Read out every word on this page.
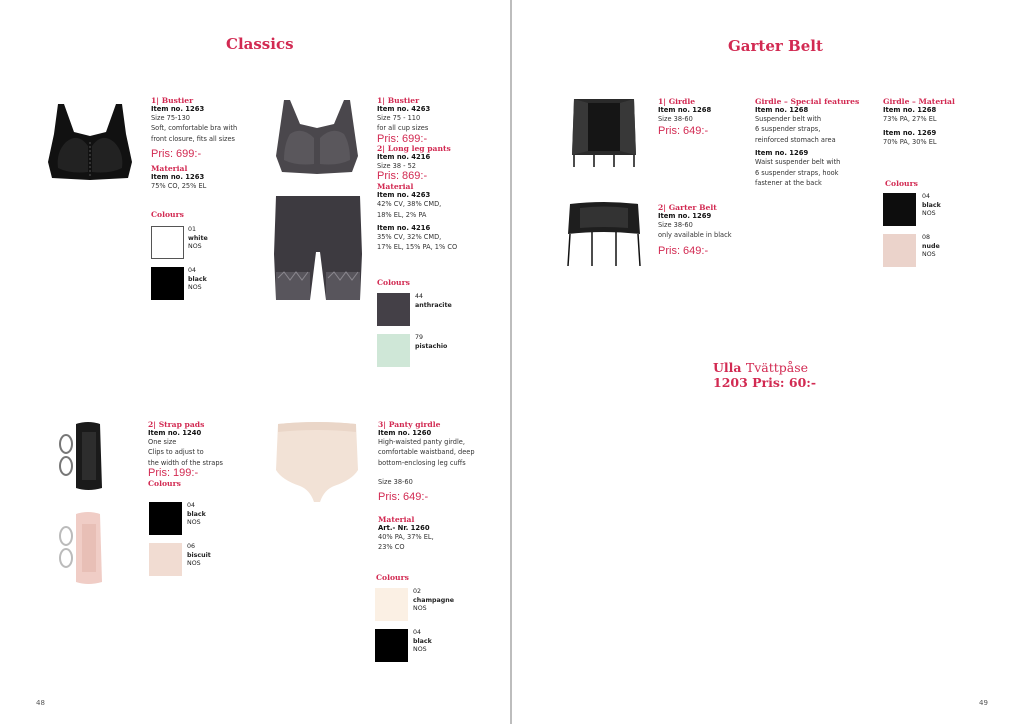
Classics
1| Bustier
Item no. 1263
Size 75-130
Soft, comfortable bra with
front closure, fits all sizes
Pris: 699:-
Material
Item no. 1263
75% CO, 25% EL
Colours
01
white
NOS
04
black
NOS
1| Bustier
Item no. 4263
Size 75 - 110
for all cup sizes
Pris: 699:-
2| Long leg pants
Item no. 4216
Size 38 - 52
Pris: 869:-
Material
Item no. 4263
42% CV, 38% CMD,
18% EL, 2% PA
Item no. 4216
35% CV, 32% CMD,
17% EL, 15% PA, 1% CO
Colours
44
anthracite
79
pistachio
2| Strap pads
Item no. 1240
One size
Clips to adjust to
the width of the straps
Pris: 199:-
Colours
04
black
NOS
06
biscuit
NOS
3| Panty girdle
Item no. 1260
High-waisted panty girdle,
comfortable waistband, deep
bottom-enclosing leg cuffs
Size 38-60
Pris: 649:-
Material
Art.- Nr. 1260
40% PA, 37% EL,
23% CO
Colours
02
champagne
NOS
04
black
NOS
48
Garter Belt
1| Girdle
Item no. 1268
Size 38-60
Pris: 649:-
2| Garter Belt
Item no. 1269
Size 38-60
only available in black
Pris: 649:-
Girdle – Special features
Item no. 1268
Suspender belt with
6 suspender straps,
reinforced stomach area
Item no. 1269
Waist suspender belt with
6 suspender straps, hook
fastener at the back
Girdle – Material
Item no. 1268
73% PA, 27% EL
Item no. 1269
70% PA, 30% EL
Colours
04
black
NOS
08
nude
NOS
Ulla Tvättpåse
1203 Pris: 60:-
49
